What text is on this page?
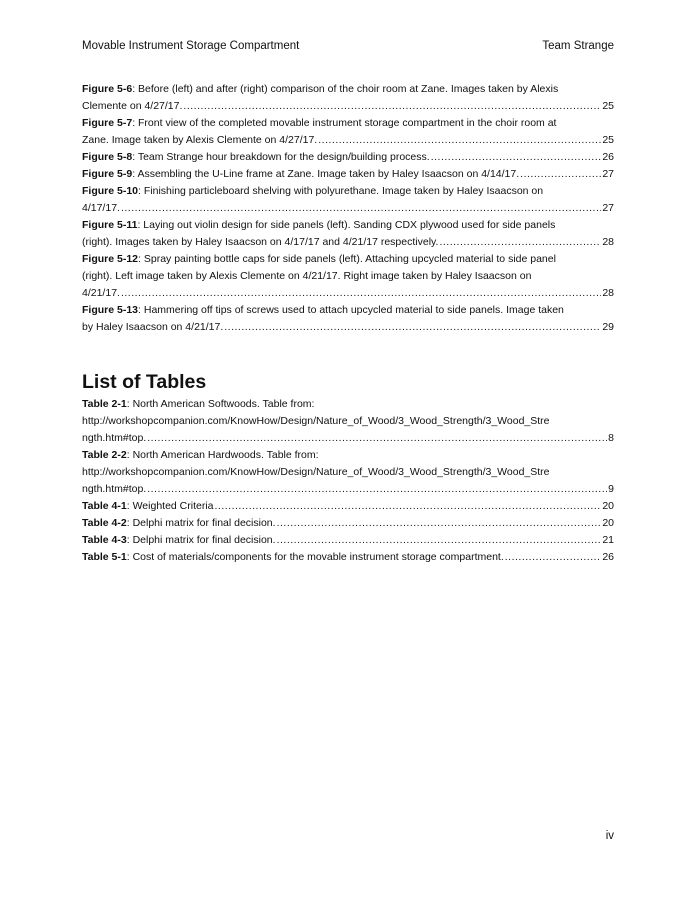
Movable Instrument Storage Compartment	Team Strange
Figure 5-6: Before (left) and after (right) comparison of the choir room at Zane. Images taken by Alexis
Clemente on 4/27/17. .....	25
Figure 5-7: Front view of the completed movable instrument storage compartment in the choir room at
Zane. Image taken by Alexis Clemente on 4/27/17. .....	25
Figure 5-8: Team Strange hour breakdown for the design/building process. .....	26
Figure 5-9: Assembling the U-Line frame at Zane. Image taken by Haley Isaacson on 4/14/17. .....	27
Figure 5-10: Finishing particleboard shelving with polyurethane. Image taken by Haley Isaacson on
4/17/17. .....	27
Figure 5-11: Laying out violin design for side panels (left). Sanding CDX plywood used for side panels
(right). Images taken by Haley Isaacson on 4/17/17 and 4/21/17 respectively. .....	28
Figure 5-12: Spray painting bottle caps for side panels (left). Attaching upcycled material to side panel
(right). Left image taken by Alexis Clemente on 4/21/17. Right image taken by Haley Isaacson on
4/21/17. .....	28
Figure 5-13: Hammering off tips of screws used to attach upcycled material to side panels. Image taken
by Haley Isaacson on 4/21/17. .....	29
List of Tables
Table 2-1: North American Softwoods. Table from:
http://workshopcompanion.com/KnowHow/Design/Nature_of_Wood/3_Wood_Strength/3_Wood_Stre
ngth.htm#top. .....	8
Table 2-2: North American Hardwoods. Table from:
http://workshopcompanion.com/KnowHow/Design/Nature_of_Wood/3_Wood_Strength/3_Wood_Stre
ngth.htm#top. .....	9
Table 4-1: Weighted Criteria .....	20
Table 4-2: Delphi matrix for final decision. .....	20
Table 4-3: Delphi matrix for final decision. .....	21
Table 5-1: Cost of materials/components for the movable instrument storage compartment. .....	26
iv
